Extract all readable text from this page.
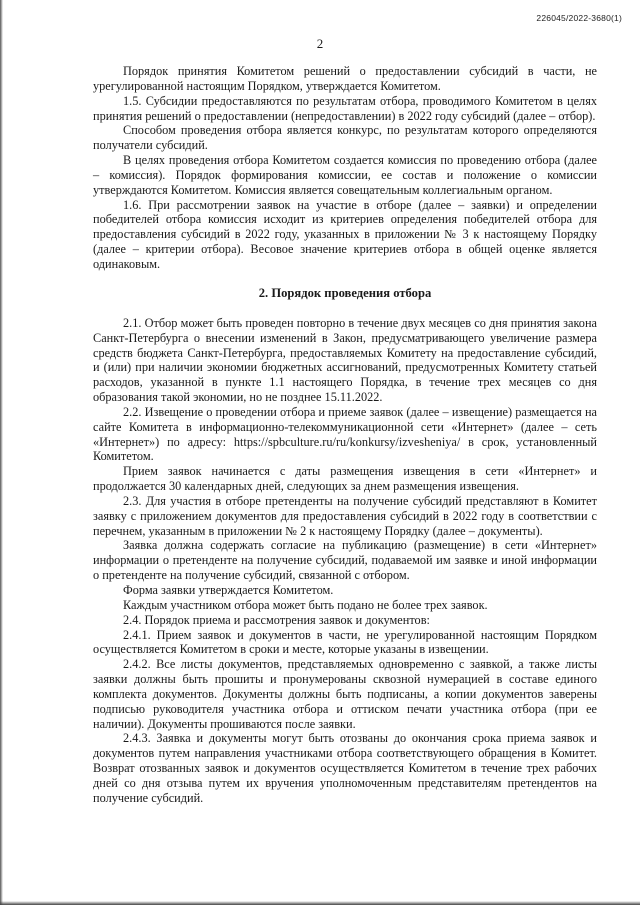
226045/2022-3680(1)
2

Порядок принятия Комитетом решений о предоставлении субсидий в части, не урегулированной настоящим Порядком, утверждается Комитетом.

1.5. Субсидии предоставляются по результатам отбора, проводимого Комитетом в целях принятия решений о предоставлении (непредоставлении) в 2022 году субсидий (далее – отбор).

Способом проведения отбора является конкурс, по результатам которого определяются получатели субсидий.

В целях проведения отбора Комитетом создается комиссия по проведению отбора (далее – комиссия). Порядок формирования комиссии, ее состав и положение о комиссии утверждаются Комитетом. Комиссия является совещательным коллегиальным органом.

1.6. При рассмотрении заявок на участие в отборе (далее – заявки) и определении победителей отбора комиссия исходит из критериев определения победителей отбора для предоставления субсидий в 2022 году, указанных в приложении № 3 к настоящему Порядку (далее – критерии отбора). Весовое значение критериев отбора в общей оценке является одинаковым.

2. Порядок проведения отбора

2.1. Отбор может быть проведен повторно в течение двух месяцев со дня принятия закона Санкт-Петербурга о внесении изменений в Закон, предусматривающего увеличение размера средств бюджета Санкт-Петербурга, предоставляемых Комитету на предоставление субсидий, и (или) при наличии экономии бюджетных ассигнований, предусмотренных Комитету статьей расходов, указанной в пункте 1.1 настоящего Порядка, в течение трех месяцев со дня образования такой экономии, но не позднее 15.11.2022.

2.2. Извещение о проведении отбора и приеме заявок (далее – извещение) размещается на сайте Комитета в информационно-телекоммуникационной сети «Интернет» (далее – сеть «Интернет») по адресу: https://spbculture.ru/ru/konkursy/izvesheniya/ в срок, установленный Комитетом.

Прием заявок начинается с даты размещения извещения в сети «Интернет» и продолжается 30 календарных дней, следующих за днем размещения извещения.

2.3. Для участия в отборе претенденты на получение субсидий представляют в Комитет заявку с приложением документов для предоставления субсидий в 2022 году в соответствии с перечнем, указанным в приложении № 2 к настоящему Порядку (далее – документы).

Заявка должна содержать согласие на публикацию (размещение) в сети «Интернет» информации о претенденте на получение субсидий, подаваемой им заявке и иной информации о претенденте на получение субсидий, связанной с отбором.

Форма заявки утверждается Комитетом.

Каждым участником отбора может быть подано не более трех заявок.

2.4. Порядок приема и рассмотрения заявок и документов:

2.4.1. Прием заявок и документов в части, не урегулированной настоящим Порядком осуществляется Комитетом в сроки и месте, которые указаны в извещении.

2.4.2. Все листы документов, представляемых одновременно с заявкой, а также листы заявки должны быть прошиты и пронумерованы сквозной нумерацией в составе единого комплекта документов. Документы должны быть подписаны, а копии документов заверены подписью руководителя участника отбора и оттиском печати участника отбора (при ее наличии). Документы прошиваются после заявки.

2.4.3. Заявка и документы могут быть отозваны до окончания срока приема заявок и документов путем направления участниками отбора соответствующего обращения в Комитет. Возврат отозванных заявок и документов осуществляется Комитетом в течение трех рабочих дней со дня отзыва путем их вручения уполномоченным представителям претендентов на получение субсидий.
